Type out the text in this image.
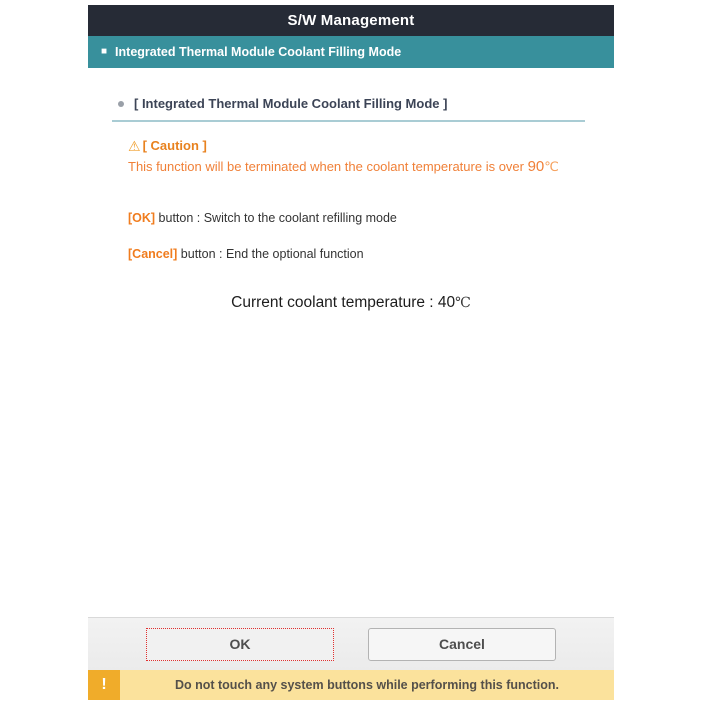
S/W Management
■ Integrated Thermal Module Coolant Filling Mode
[ Integrated Thermal Module Coolant Filling Mode ]
⚠ [ Caution ]
This function will be terminated when the coolant temperature is over 90℃
[OK] button : Switch to the coolant refilling mode
[Cancel] button : End the optional function
Current coolant temperature : 40℃
OK	Cancel
!	Do not touch any system buttons while performing this function.
